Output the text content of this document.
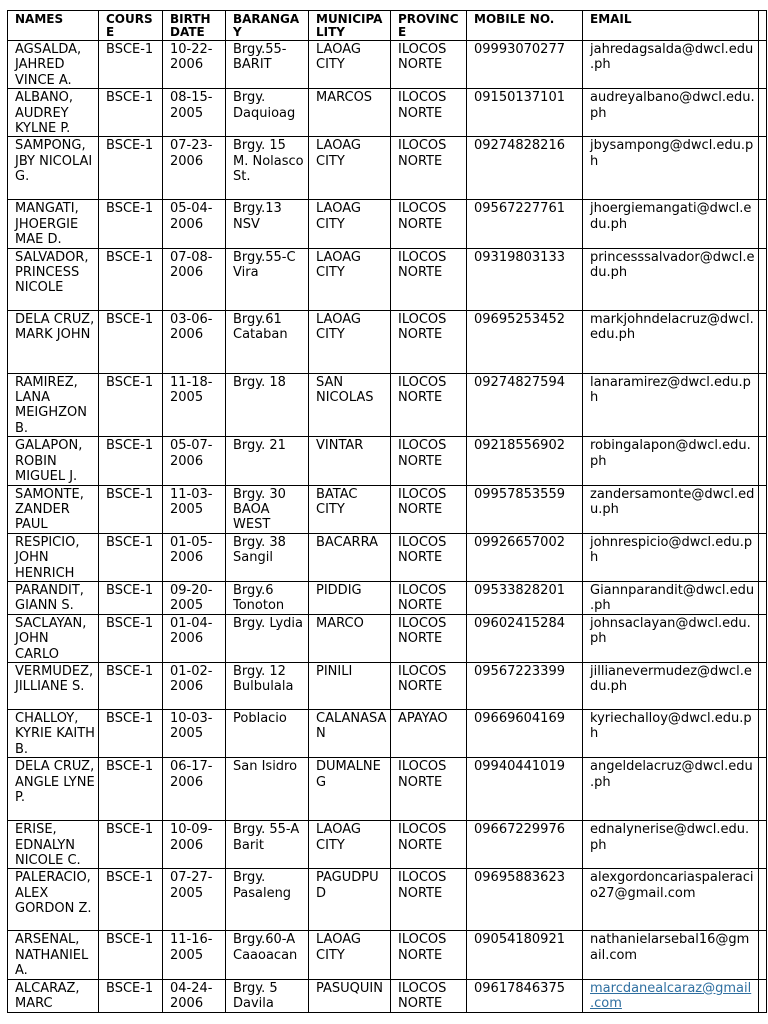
NAMES	COURSE	BIRTH DATE	BARANGAY	MUNICIPALITY	PROVINCE	MOBILE NO.	EMAIL	

AGSALDA, JAHRED VINCE A.	BSCE-1	10-22-2006	Brgy.55-BARIT	LAOAG CITY	ILOCOS NORTE	09993070277	jahredagsalda@dwcl.edu.ph	
ALBANO, AUDREY KYLNE P.	BSCE-1	08-15-2005	Brgy. Daquioag	MARCOS	ILOCOS NORTE	09150137101	audreyalbano@dwcl.edu.ph	
SAMPONG, JBY NICOLAI G.	BSCE-1	07-23-2006	Brgy. 15 M. Nolasco St.	LAOAG CITY	ILOCOS NORTE	09274828216	jbysampong@dwcl.edu.ph	
MANGATI, JHOERGIE MAE D.	BSCE-1	05-04-2006	Brgy.13 NSV	LAOAG CITY	ILOCOS NORTE	09567227761	jhoergiemangati@dwcl.edu.ph	
SALVADOR, PRINCESS NICOLE	BSCE-1	07-08-2006	Brgy.55-C Vira	LAOAG CITY	ILOCOS NORTE	09319803133	princesssalvador@dwcl.edu.ph	
DELA CRUZ, MARK JOHN	BSCE-1	03-06-2006	Brgy.61 Cataban	LAOAG CITY	ILOCOS NORTE	09695253452	markjohndelacruz@dwcl.edu.ph	
RAMIREZ, LANA MEIGHZON B.	BSCE-1	11-18-2005	Brgy. 18	SAN NICOLAS	ILOCOS NORTE	09274827594	lanaramirez@dwcl.edu.ph	
GALAPON, ROBIN MIGUEL J.	BSCE-1	05-07-2006	Brgy. 21	VINTAR	ILOCOS NORTE	09218556902	robingalapon@dwcl.edu.ph	
SAMONTE, ZANDER PAUL	BSCE-1	11-03-2005	Brgy. 30 BAOA WEST	BATAC CITY	ILOCOS NORTE	09957853559	zandersamonte@dwcl.edu.ph	
RESPICIO, JOHN HENRICH	BSCE-1	01-05-2006	Brgy. 38 Sangil	BACARRA	ILOCOS NORTE	09926657002	johnrespicio@dwcl.edu.ph	
PARANDIT, GIANN S.	BSCE-1	09-20-2005	Brgy.6 Tonoton	PIDDIG	ILOCOS NORTE	09533828201	Giannparandit@dwcl.edu.ph	
SACLAYAN, JOHN CARLO	BSCE-1	01-04-2006	Brgy. Lydia	MARCO	ILOCOS NORTE	09602415284	johnsaclayan@dwcl.edu.ph	
VERMUDEZ, JILLIANE S.	BSCE-1	01-02-2006	Brgy. 12 Bulbulala	PINILI	ILOCOS NORTE	09567223399	jillianevermudez@dwcl.edu.ph	
CHALLOY, KYRIE KAITH B.	BSCE-1	10-03-2005	Poblacio	CALANASAN	APAYAO	09669604169	kyriechalloy@dwcl.edu.ph	
DELA CRUZ, ANGLE LYNE P.	BSCE-1	06-17-2006	San Isidro	DUMALNEG	ILOCOS NORTE	09940441019	angeldelacruz@dwcl.edu.ph	
ERISE, EDNALYN NICOLE C.	BSCE-1	10-09-2006	Brgy. 55-A Barit	LAOAG CITY	ILOCOS NORTE	09667229976	ednalynerise@dwcl.edu.ph	
PALERACIO, ALEX GORDON Z.	BSCE-1	07-27-2005	Brgy. Pasaleng	PAGUDPUD	ILOCOS NORTE	09695883623	alexgordoncariaspaleracio27@gmail.com	
ARSENAL, NATHANIEL A.	BSCE-1	11-16-2005	Brgy.60-A Caaoacan	LAOAG CITY	ILOCOS NORTE	09054180921	nathanielarsebal16@gmail.com	
ALCARAZ, MARC	BSCE-1	04-24-2006	Brgy. 5 Davila	PASUQUIN	ILOCOS NORTE	09617846375	marcdanealcaraz@gmail.com	
